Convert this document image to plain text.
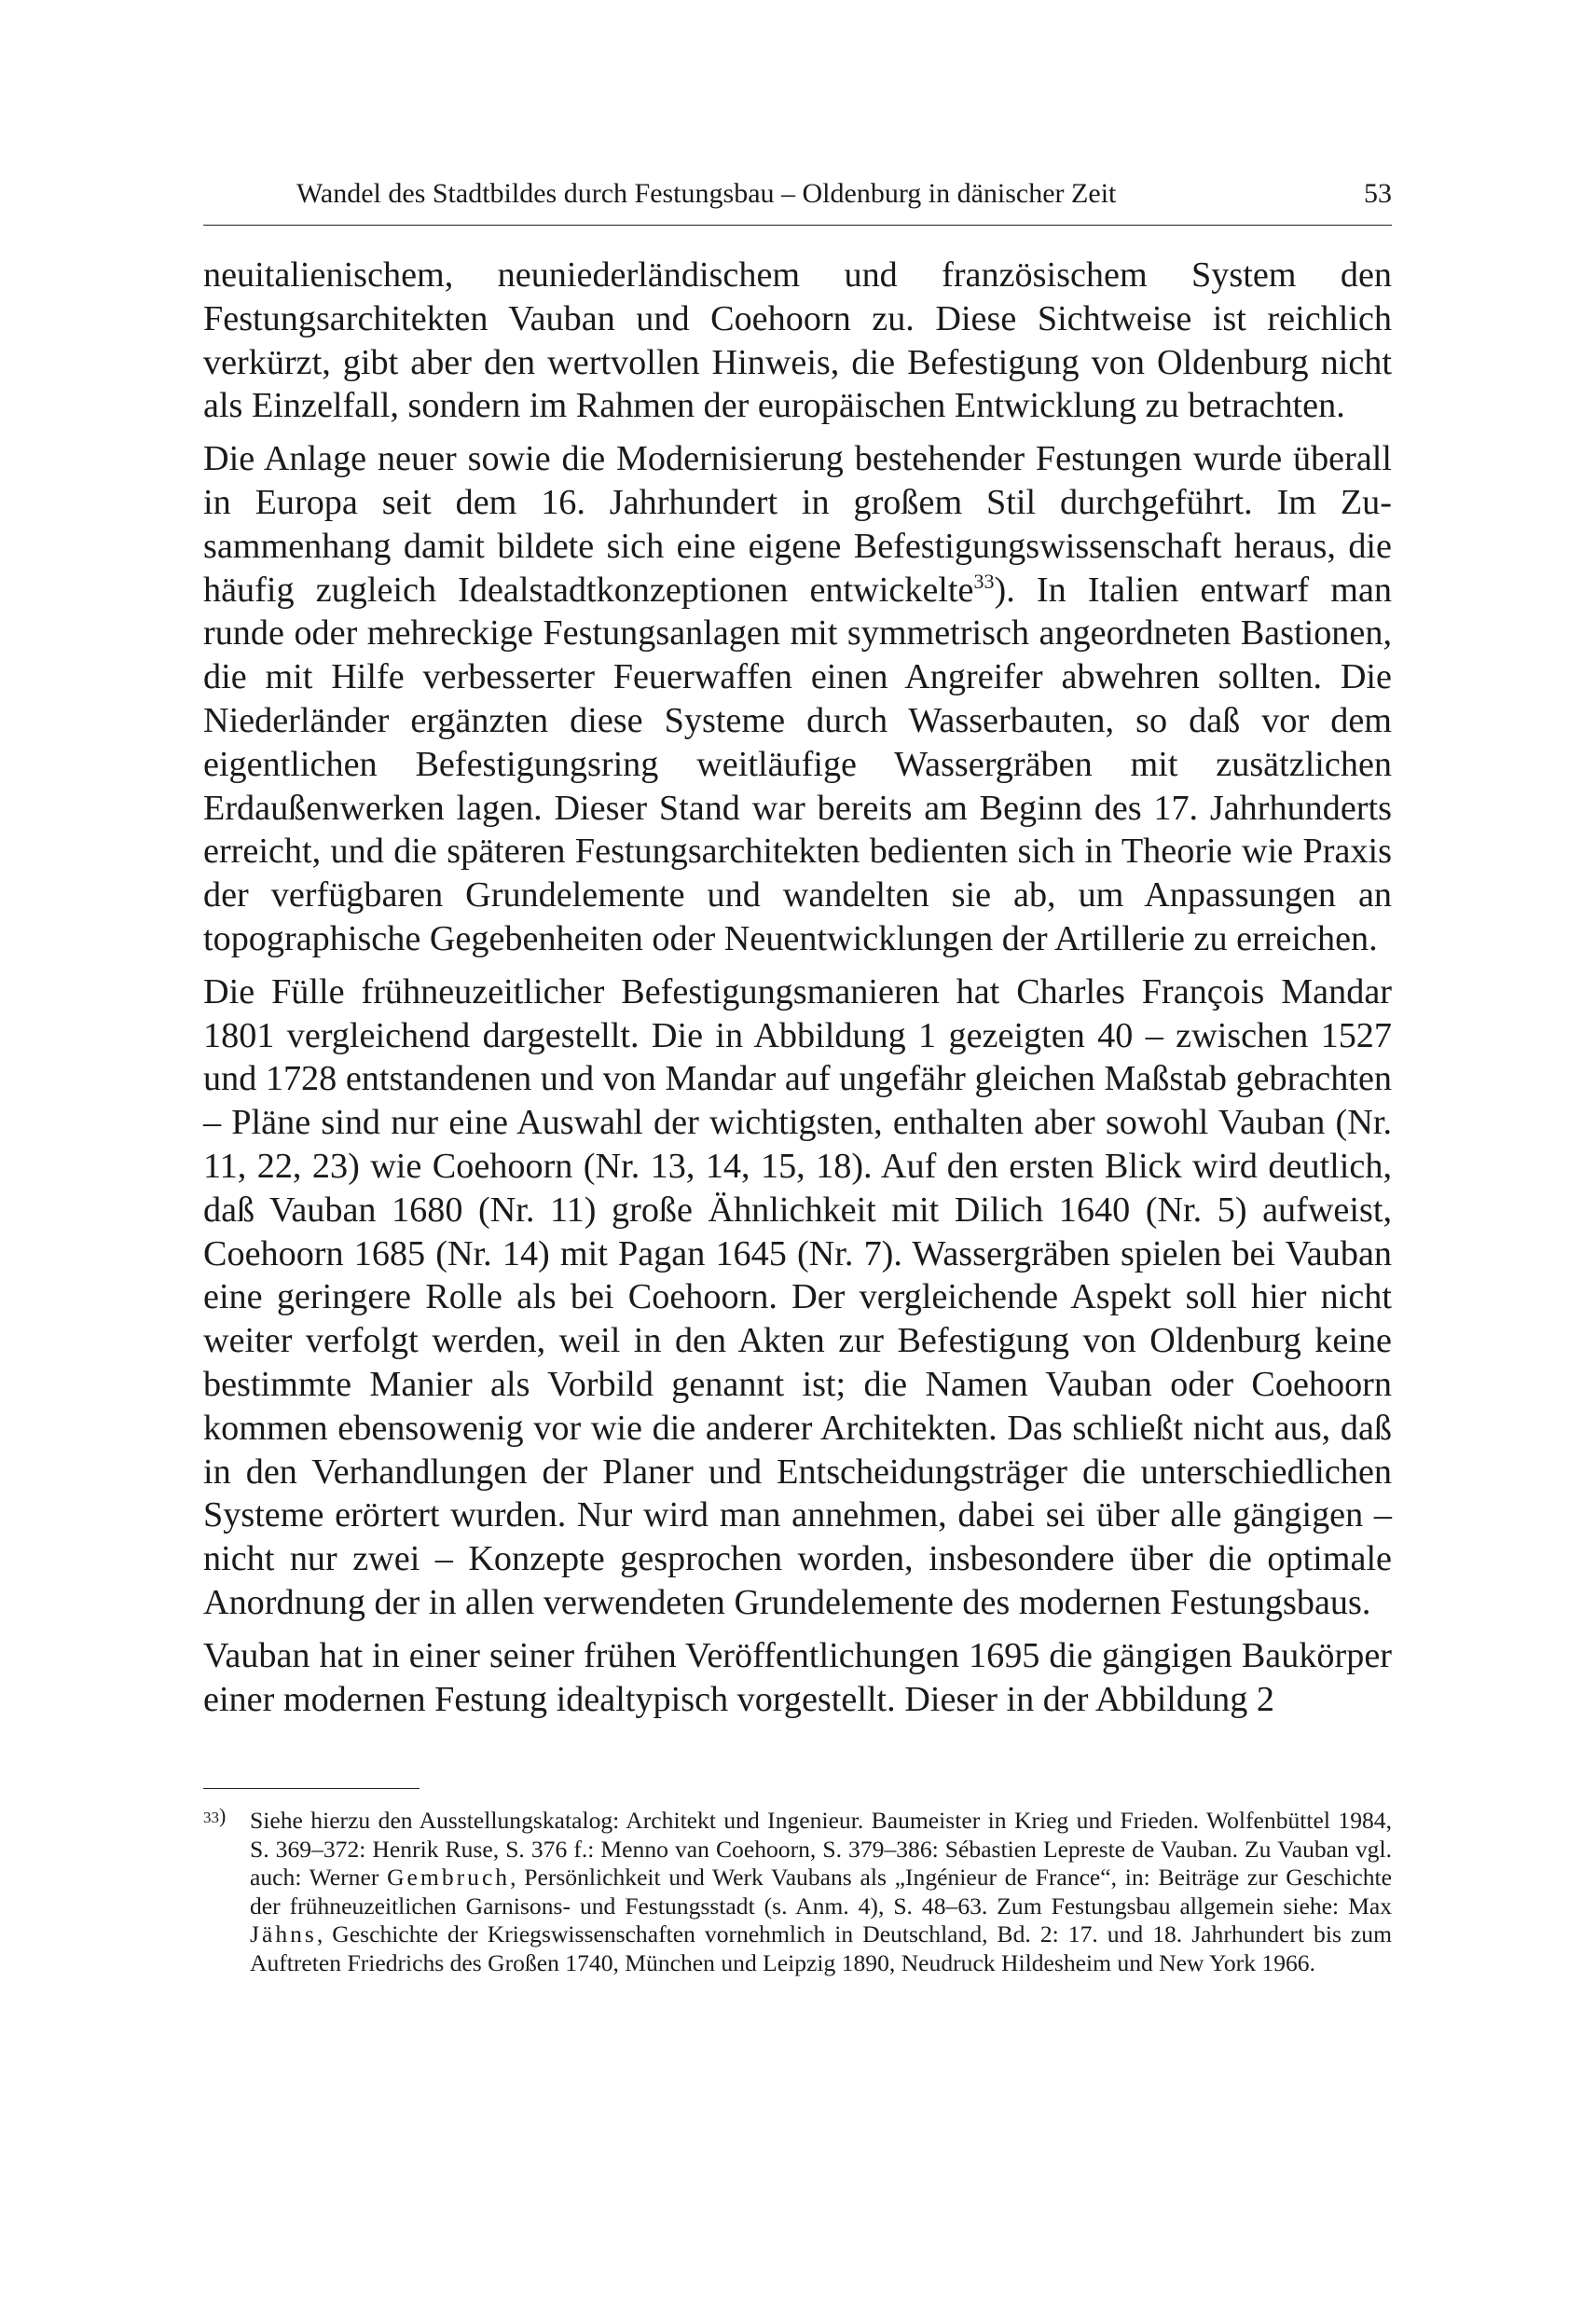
Wandel des Stadtbildes durch Festungsbau – Oldenburg in dänischer Zeit	53

neuitalienischem, neuniederländischem und französischem System den Festungsarchitekten Vauban und Coehoorn zu. Diese Sichtweise ist reichlich verkürzt, gibt aber den wertvollen Hinweis, die Befestigung von Oldenburg nicht als Einzelfall, sondern im Rahmen der europäischen Entwicklung zu betrachten.

Die Anlage neuer sowie die Modernisierung bestehender Festungen wurde überall in Europa seit dem 16. Jahrhundert in großem Stil durchgeführt. Im Zusammenhang damit bildete sich eine eigene Befestigungswissenschaft heraus, die häufig zugleich Idealstadtkonzeptionen entwickelte$^{33}$). In Italien entwarf man runde oder mehreckige Festungsanlagen mit symmetrisch angeordneten Bastionen, die mit Hilfe verbesserter Feuerwaffen einen Angreifer abwehren sollten. Die Niederländer ergänzten diese Systeme durch Wasserbauten, so daß vor dem eigentlichen Befestigungsring weitläufige Wassergräben mit zusätzlichen Erdaußenwerken lagen. Dieser Stand war bereits am Beginn des 17. Jahrhunderts erreicht, und die späteren Festungsarchitekten bedienten sich in Theorie wie Praxis der verfügbaren Grundelemente und wandelten sie ab, um Anpassungen an topographische Gegebenheiten oder Neuentwicklungen der Artillerie zu erreichen.

Die Fülle frühneuzeitlicher Befestigungsmanieren hat Charles François Mandar 1801 vergleichend dargestellt. Die in Abbildung 1 gezeigten 40 – zwischen 1527 und 1728 entstandenen und von Mandar auf ungefähr gleichen Maßstab gebrachten – Pläne sind nur eine Auswahl der wichtigsten, enthalten aber sowohl Vauban (Nr. 11, 22, 23) wie Coehoorn (Nr. 13, 14, 15, 18). Auf den ersten Blick wird deutlich, daß Vauban 1680 (Nr. 11) große Ähnlichkeit mit Dilich 1640 (Nr. 5) aufweist, Coehoorn 1685 (Nr. 14) mit Pagan 1645 (Nr. 7). Wassergräben spielen bei Vauban eine geringere Rolle als bei Coehoorn. Der vergleichende Aspekt soll hier nicht weiter verfolgt werden, weil in den Akten zur Befestigung von Oldenburg keine bestimmte Manier als Vorbild genannt ist; die Namen Vauban oder Coehoorn kommen ebensowenig vor wie die anderer Architekten. Das schließt nicht aus, daß in den Verhandlungen der Planer und Entscheidungsträger die unterschiedlichen Systeme erörtert wurden. Nur wird man annehmen, dabei sei über alle gängigen – nicht nur zwei – Konzepte gesprochen worden, insbesondere über die optimale Anordnung der in allen verwendeten Grundelemente des modernen Festungsbaus.

Vauban hat in einer seiner frühen Veröffentlichungen 1695 die gängigen Baukörper einer modernen Festung idealtypisch vorgestellt. Dieser in der Abbildung 2

33) Siehe hierzu den Ausstellungskatalog: Architekt und Ingenieur. Baumeister in Krieg und Frieden. Wolfenbüttel 1984, S. 369–372: Henrik Ruse, S. 376 f.: Menno van Coehoorn, S. 379–386: Sébastien Lepreste de Vauban. Zu Vauban vgl. auch: Werner Gembruch, Persönlichkeit und Werk Vaubans als „Ingénieur de France“, in: Beiträge zur Geschichte der frühneuzeitlichen Garnisons- und Festungsstadt (s. Anm. 4), S. 48–63. Zum Festungsbau allgemein siehe: Max Jähns, Geschichte der Kriegswissenschaften vornehmlich in Deutschland, Bd. 2: 17. und 18. Jahrhundert bis zum Auftreten Friedrichs des Großen 1740, München und Leipzig 1890, Neudruck Hildesheim und New York 1966.
